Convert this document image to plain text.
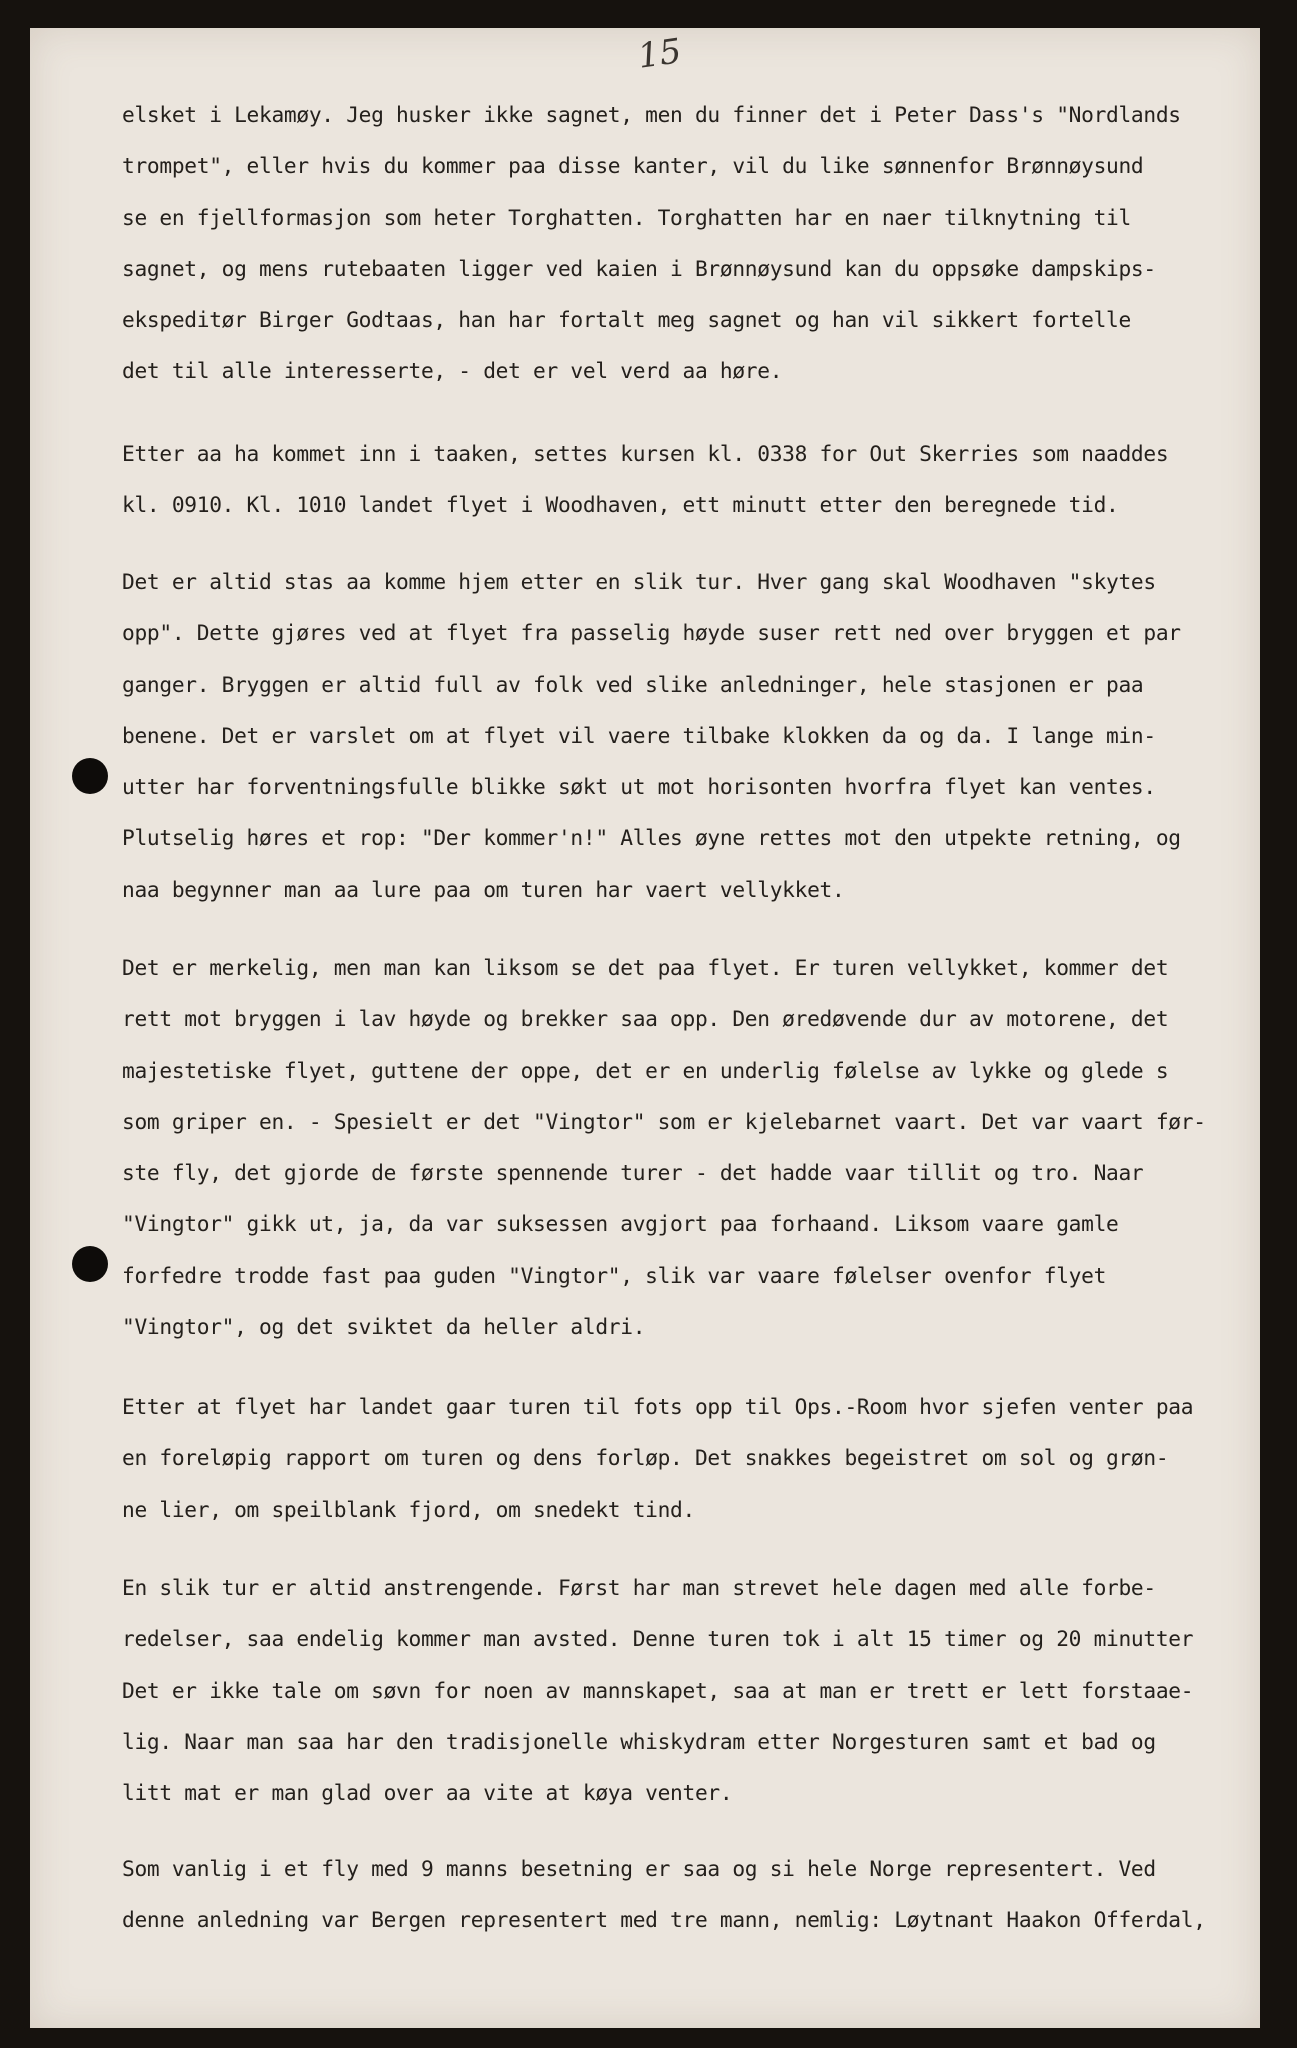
15

elsket i Lekamøy. Jeg husker ikke sagnet, men du finner det i Peter Dass's "Nordlands
trompet", eller hvis du kommer paa disse kanter, vil du like sønnenfor Brønnøysund
se en fjellformasjon som heter Torghatten. Torghatten har en naer tilknytning til
sagnet, og mens rutebaaten ligger ved kaien i Brønnøysund kan du oppsøke dampskips-
ekspeditør Birger Godtaas, han har fortalt meg sagnet og han vil sikkert fortelle
det til alle interesserte, - det er vel verd aa høre.

Etter aa ha kommet inn i taaken, settes kursen kl. 0338 for Out Skerries som naaddes
kl. 0910. Kl. 1010 landet flyet i Woodhaven, ett minutt etter den beregnede tid.

Det er altid stas aa komme hjem etter en slik tur. Hver gang skal Woodhaven "skytes
opp". Dette gjøres ved at flyet fra passelig høyde suser rett ned over bryggen et par
ganger. Bryggen er altid full av folk ved slike anledninger, hele stasjonen er paa
benene. Det er varslet om at flyet vil vaere tilbake klokken da og da. I lange min-
utter har forventningsfulle blikke søkt ut mot horisonten hvorfra flyet kan ventes.
Plutselig høres et rop: "Der kommer'n!" Alles øyne rettes mot den utpekte retning, og
naa begynner man aa lure paa om turen har vaert vellykket.

Det er merkelig, men man kan liksom se det paa flyet. Er turen vellykket, kommer det
rett mot bryggen i lav høyde og brekker saa opp. Den øredøvende dur av motorene, det
majestetiske flyet, guttene der oppe, det er en underlig følelse av lykke og glede s
som griper en. - Spesielt er det "Vingtor" som er kjelebarnet vaart. Det var vaart før-
ste fly, det gjorde de første spennende turer - det hadde vaar tillit og tro. Naar
"Vingtor" gikk ut, ja, da var suksessen avgjort paa forhaand. Liksom vaare gamle
forfedre trodde fast paa guden "Vingtor", slik var vaare følelser ovenfor flyet
"Vingtor", og det sviktet da heller aldri.

Etter at flyet har landet gaar turen til fots opp til Ops.-Room hvor sjefen venter paa
en foreløpig rapport om turen og dens forløp. Det snakkes begeistret om sol og grøn-
ne lier, om speilblank fjord, om snedekt tind.

En slik tur er altid anstrengende. Først har man strevet hele dagen med alle forbe-
redelser, saa endelig kommer man avsted. Denne turen tok i alt 15 timer og 20 minutter
Det er ikke tale om søvn for noen av mannskapet, saa at man er trett er lett forstaae-
lig. Naar man saa har den tradisjonelle whiskydram etter Norgesturen samt et bad og
litt mat er man glad over aa vite at køya venter.

Som vanlig i et fly med 9 manns besetning er saa og si hele Norge representert. Ved
denne anledning var Bergen representert med tre mann, nemlig: Løytnant Haakon Offerdal,
